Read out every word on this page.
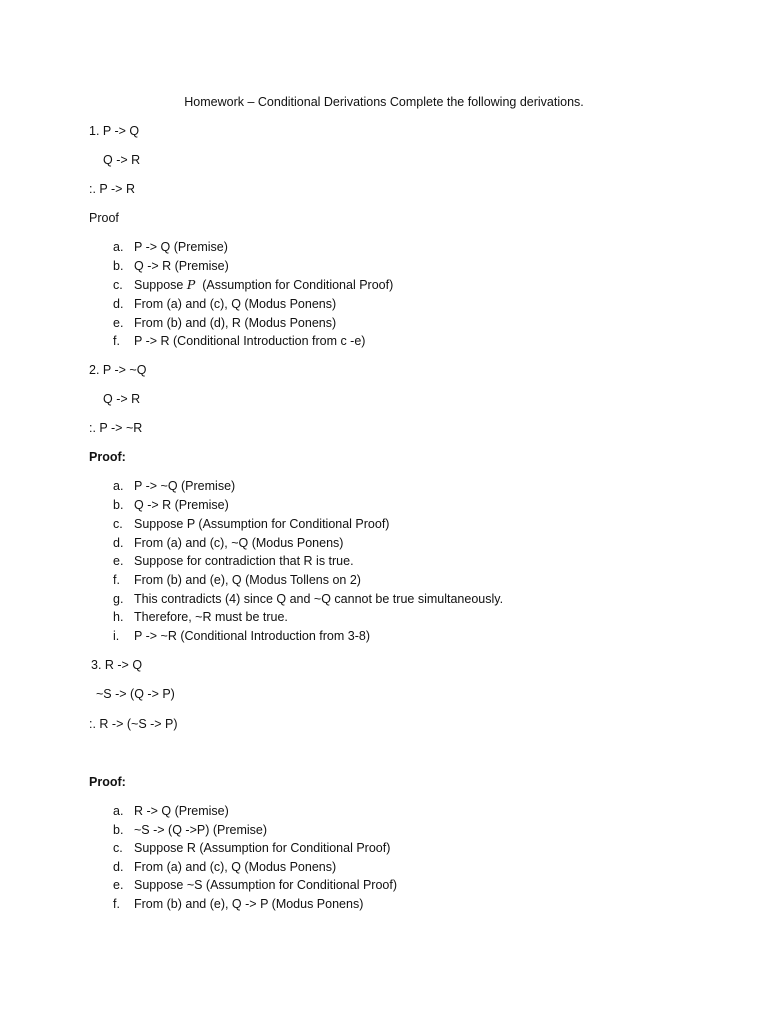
Homework – Conditional Derivations Complete the following derivations.
1. P -> Q
Q -> R
:. P -> R
Proof
a. P -> Q (Premise)
b. Q -> R (Premise)
c. Suppose P  (Assumption for Conditional Proof)
d. From (a) and (c), Q (Modus Ponens)
e. From (b) and (d), R (Modus Ponens)
f. P -> R (Conditional Introduction from c -e)
2. P -> ~Q
Q -> R
:. P -> ~R
Proof:
a. P -> ~Q (Premise)
b. Q -> R (Premise)
c. Suppose P (Assumption for Conditional Proof)
d. From (a) and (c), ~Q (Modus Ponens)
e. Suppose for contradiction that R is true.
f. From (b) and (e), Q (Modus Tollens on 2)
g. This contradicts (4) since Q and ~Q cannot be true simultaneously.
h. Therefore, ~R must be true.
i. P -> ~R (Conditional Introduction from 3-8)
3. R -> Q
~S -> (Q -> P)
:. R -> (~S -> P)
Proof:
a. R -> Q (Premise)
b. ~S -> (Q ->P) (Premise)
c. Suppose R (Assumption for Conditional Proof)
d. From (a) and (c), Q (Modus Ponens)
e. Suppose ~S (Assumption for Conditional Proof)
f. From (b) and (e), Q -> P (Modus Ponens)
